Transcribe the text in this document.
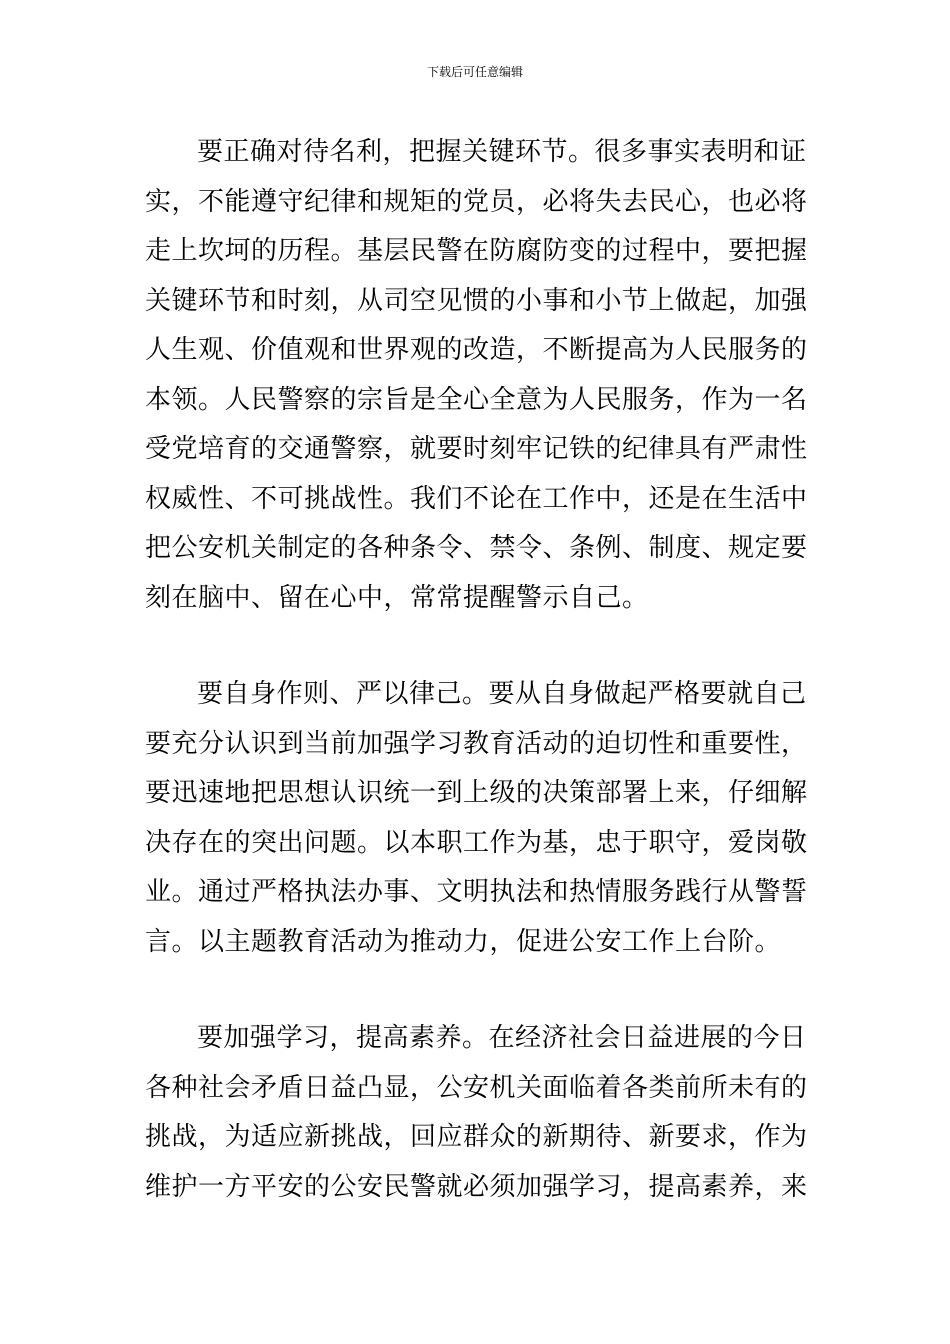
下载后可任意编辑
要正确对待名利，把握关键环节。很多事实表明和证
实，不能遵守纪律和规矩的党员，必将失去民心，也必将
走上坎坷的历程。基层民警在防腐防变的过程中，要把握
关键环节和时刻，从司空见惯的小事和小节上做起，加强
人生观、价值观和世界观的改造，不断提高为人民服务的
本领。人民警察的宗旨是全心全意为人民服务，作为一名
受党培育的交通警察，就要时刻牢记铁的纪律具有严肃性
权威性、不可挑战性。我们不论在工作中，还是在生活中
把公安机关制定的各种条令、禁令、条例、制度、规定要
刻在脑中、留在心中，常常提醒警示自己。
要自身作则、严以律己。要从自身做起严格要就自己
要充分认识到当前加强学习教育活动的迫切性和重要性，
要迅速地把思想认识统一到上级的决策部署上来，仔细解
决存在的突出问题。以本职工作为基，忠于职守，爱岗敬
业。通过严格执法办事、文明执法和热情服务践行从警誓
言。以主题教育活动为推动力，促进公安工作上台阶。
要加强学习，提高素养。在经济社会日益进展的今日
各种社会矛盾日益凸显，公安机关面临着各类前所未有的
挑战，为适应新挑战，回应群众的新期待、新要求，作为
维护一方平安的公安民警就必须加强学习，提高素养，来
